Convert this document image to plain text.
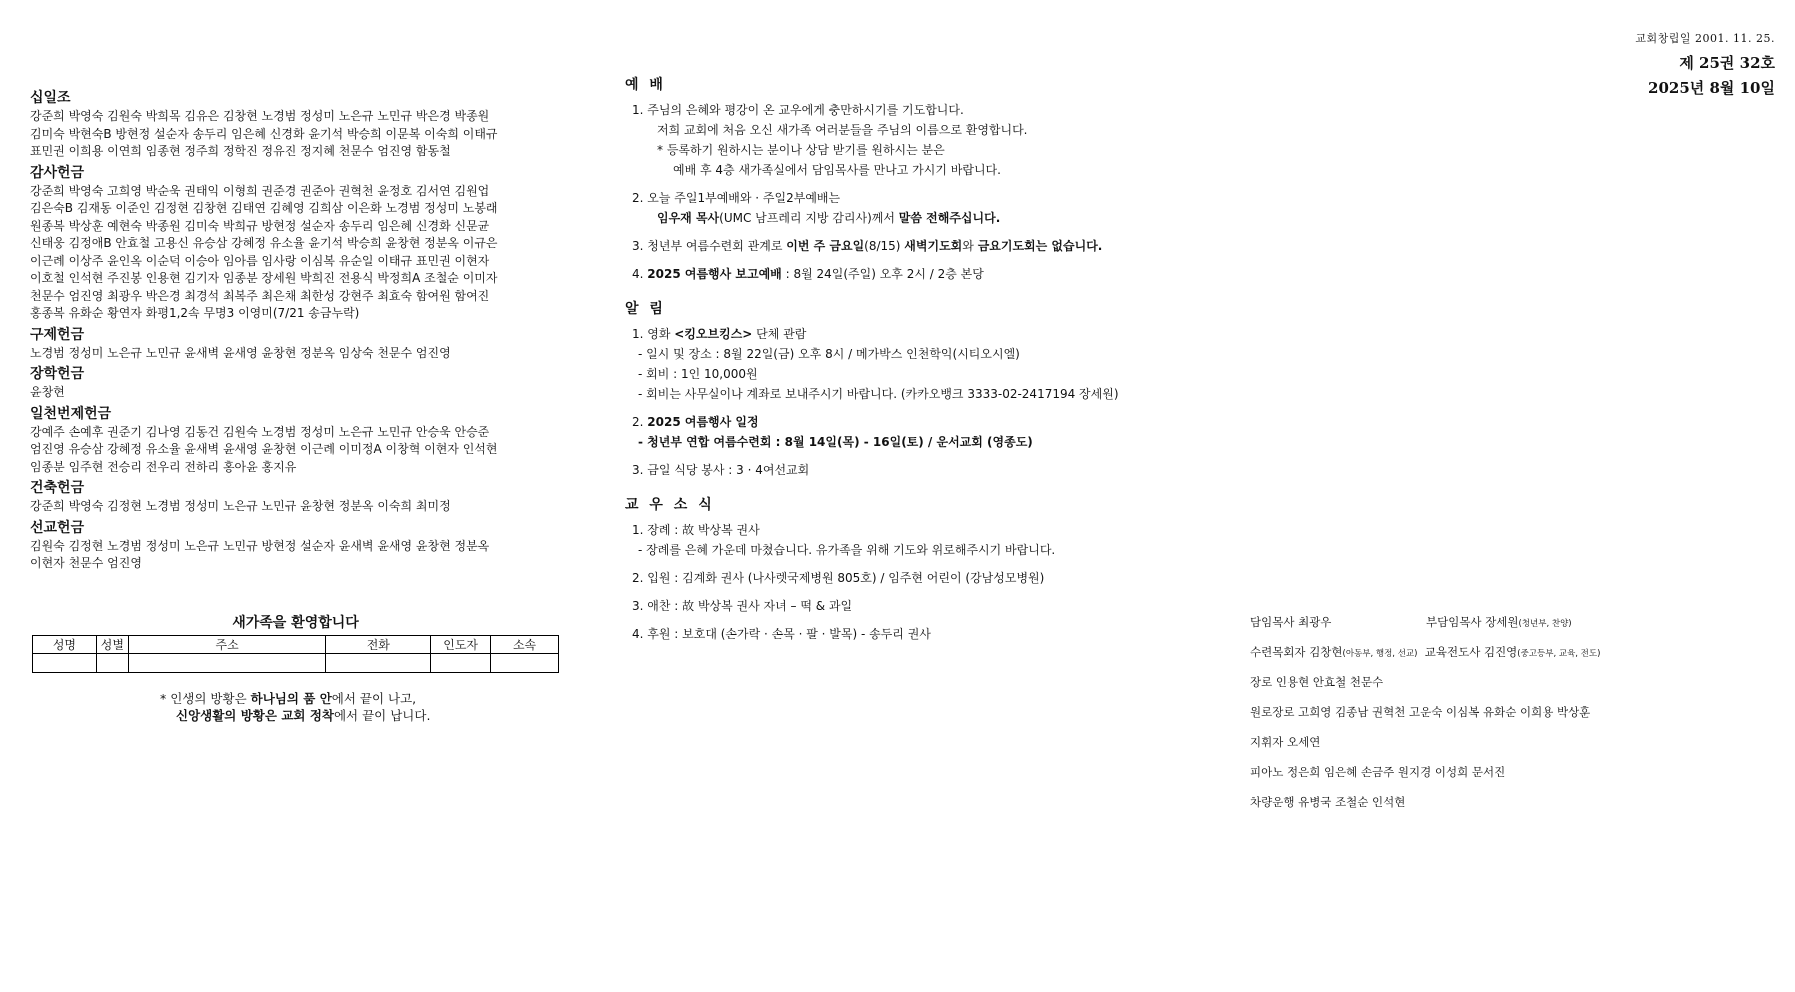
교회창립일 2001. 11. 25.
제 25권 32호
2025년 8월 10일
십일조
강준희 박영숙 김원숙 박희목 김유은 김창현 노경범 정성미 노은규 노민규 박은경 박종원
김미숙 박현숙B 방현정 설순자 송두리 임은혜 신경화 윤기석 박승희 이문복 이숙희 이태규
표민권 이희용 이연희 임종현 정주희 정학진 정유진 정지혜 천문수 엄진영 함동철
감사헌금
강준희 박영숙 고희영 박순욱 권태익 이형희 권준경 권준아 권혁천 윤정호 김서연 김원업
김은숙B 김재동 이준인 김정현 김창현 김태연 김혜영 김희삼 이은화 노경범 정성미 노봉래
원종복 박상훈 예현숙 박종원 김미숙 박희규 방현정 설순자 송두리 임은혜 신경화 신문균
신태웅 김정애B 안효철 고용신 유승삼 강혜정 유소율 윤기석 박승희 윤창현 정분옥 이규은
이근례 이상주 윤인옥 이순덕 이승아 임아름 임사랑 이심복 유순일 이태규 표민권 이현자
이호철 인석현 주진봉 인용현 김기자 임종분 장세원 박희진 전용식 박정희A 조철순 이미자
천문수 엄진영 최광우 박은경 최경석 최복주 최은채 최한성 강현주 최효숙 함여원 함여진
홍종복 유화순 황연자 화평1,2속 무명3 이영미(7/21 송금누락)
구제헌금
노경범 정성미 노은규 노민규 윤새벽 윤새영 윤창현 정분옥 임상숙 천문수 엄진영
장학헌금
윤창현
일천번제헌금
강예주 손예후 권준기 김나영 김동건 김원숙 노경범 정성미 노은규 노민규 안승욱 안승준
엄진영 유승삼 강혜정 유소율 윤새벽 윤새영 윤창현 이근례 이미정A 이창혁 이현자 인석현
임종분 임주현 전승리 전우리 전하리 홍아윤 홍지유
건축헌금
강준희 박영숙 김정현 노경범 정성미 노은규 노민규 윤창현 정분옥 이숙희 최미정
선교헌금
김원숙 김정현 노경범 정성미 노은규 노민규 방현정 설순자 윤새벽 윤새영 윤창현 정분옥
이현자 천문수 엄진영
새가족을 환영합니다
성명	성별	주소	전화	인도자	소속

* 인생의 방황은 하나님의 품 안에서 끝이 나고,
신앙생활의 방황은 교회 정착에서 끝이 납니다.
예 배
1. 주님의 은혜와 평강이 온 교우에게 충만하시기를 기도합니다.
저희 교회에 처음 오신 새가족 여러분들을 주님의 이름으로 환영합니다.
* 등록하기 원하시는 분이나 상담 받기를 원하시는 분은
예배 후 4층 새가족실에서 담임목사를 만나고 가시기 바랍니다.
2. 오늘 주일1부예배와 · 주일2부예배는
임우재 목사(UMC 남프레리 지방 감리사)께서 말씀 전해주십니다.
3. 청년부 여름수련회 관계로 이번 주 금요일(8/15) 새벽기도회와 금요기도회는 없습니다.
4. 2025 여름행사 보고예배 : 8월 24일(주일) 오후 2시 / 2층 본당
알 림
1. 영화 <킹오브킹스> 단체 관람
- 일시 및 장소 : 8월 22일(금) 오후 8시 / 메가박스 인천학익(시티오시엘)
- 회비 : 1인 10,000원
- 회비는 사무실이나 계좌로 보내주시기 바랍니다. (카카오뱅크 3333-02-2417194 장세원)
2. 2025 여름행사 일정
- 청년부 연합 여름수련회 : 8월 14일(목) - 16일(토) / 운서교회 (영종도)
3. 금일 식당 봉사 : 3 · 4여선교회
교 우 소 식
1. 장례 : 故 박상복 권사
- 장례를 은혜 가운데 마쳤습니다. 유가족을 위해 기도와 위로해주시기 바랍니다.
2. 입원 : 김계화 권사 (나사렛국제병원 805호) / 임주현 어린이 (강남성모병원)
3. 애찬 : 故 박상복 권사 자녀 – 떡 & 과일
4. 후원 : 보호대 (손가락 · 손목 · 팔 · 발목) - 송두리 권사
담임목사 최광우	부담임목사 장세원(청년부, 찬양)
수련목회자 김창현(아동부, 행정, 선교) 교육전도사 김진영(중고등부, 교육, 전도)
장로 인용현 안효철 천문수
원로장로 고희영 김종남 권혁천 고운숙 이심복 유화순 이희용 박상훈
지휘자 오세연
피아노 정은희 임은혜 손금주 원지경 이성희 문서진
차량운행 유병국 조철순 인석현
